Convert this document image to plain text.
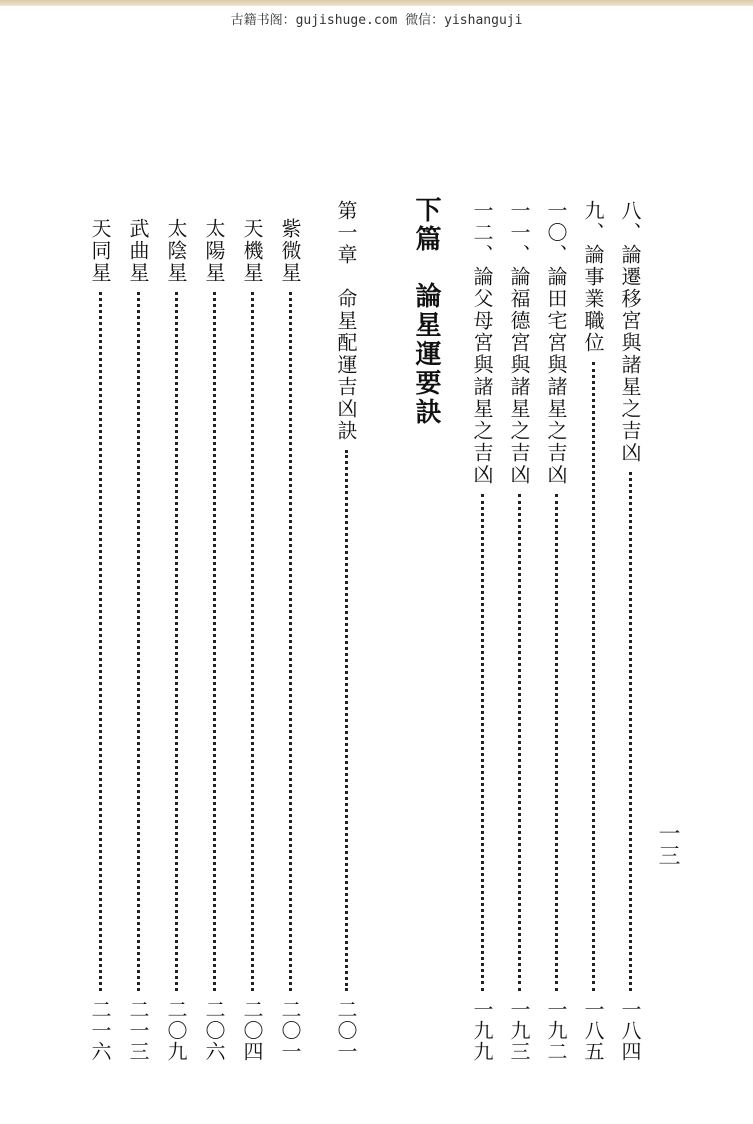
古籍书阁：gujishuge.com 微信：yishanguji
一三
八、論遷移宮與諸星之吉凶
一八四
九、論事業職位
一八五
一〇、論田宅宮與諸星之吉凶
一九二
一一、論福德宮與諸星之吉凶
一九三
一二、論父母宮與諸星之吉凶
一九九
下篇
論星運要訣
第一章命星配運吉凶訣
二〇一
紫微星
二〇一
天機星
二〇四
太陽星
二〇六
太陰星
二〇九
武曲星
二一三
天同星
二一六
